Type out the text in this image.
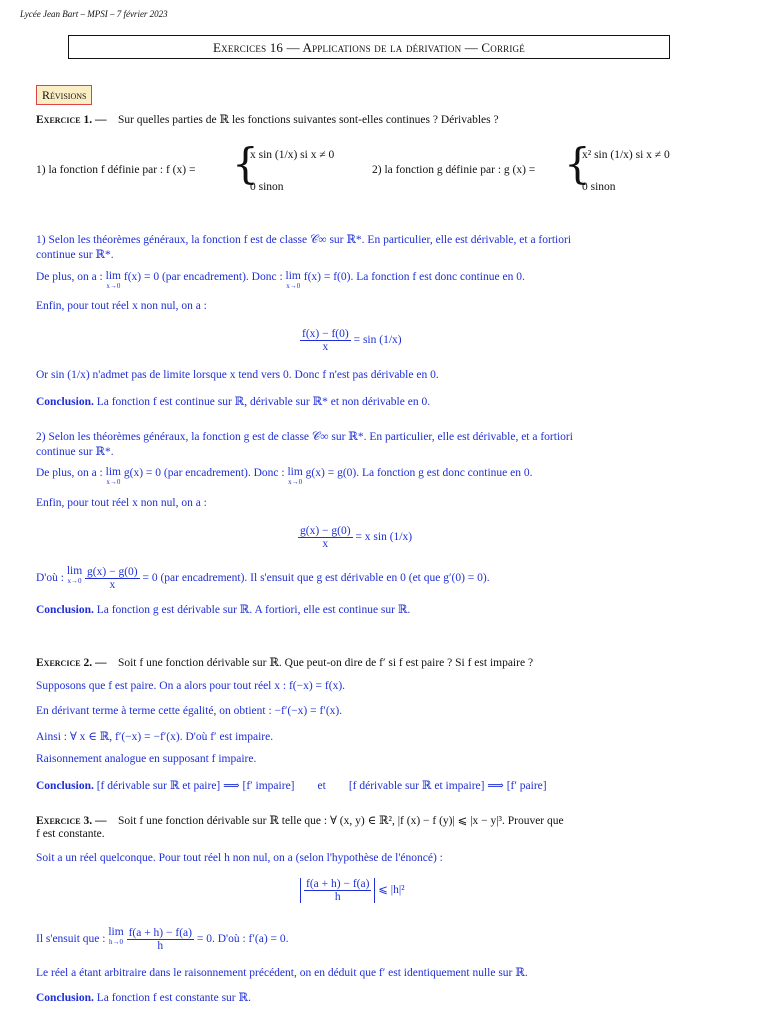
Lycée Jean Bart – MPSI – 7 février 2023
Exercices 16 — Applications de la dérivation — Corrigé
Révisions
Exercice 1. — Sur quelles parties de ℝ les fonctions suivantes sont-elles continues ? Dérivables ?
1) la fonction f définie par : f (x) = {
x sin (1/x) si x ≠ 0
0 sinon
2) la fonction g définie par : g (x) = {
x² sin (1/x) si x ≠ 0
0 sinon
1) Selon les théorèmes généraux, la fonction f est de classe 𝒞∞ sur ℝ*. En particulier, elle est dérivable, et a fortiori
continue sur ℝ*.
De plus, on a : lim
x→0
f(x) = 0 (par encadrement). Donc : lim
x→0
f(x) = f(0). La fonction f est donc continue en 0.
Enfin, pour tout réel x non nul, on a :
$\frac{f(x) - f(0)}{x} = \sin (1/x)$
Or sin (1/x) n'admet pas de limite lorsque x tend vers 0. Donc f n'est pas dérivable en 0.
Conclusion. La fonction f est continue sur ℝ, dérivable sur ℝ* et non dérivable en 0.
2) Selon les théorèmes généraux, la fonction g est de classe 𝒞∞ sur ℝ*. En particulier, elle est dérivable, et a fortiori
continue sur ℝ*.
De plus, on a : lim
x→0
g(x) = 0 (par encadrement). Donc : lim
x→0
g(x) = g(0). La fonction g est donc continue en 0.
Enfin, pour tout réel x non nul, on a :
$\frac{g(x) - g(0)}{x} = x$ sin (1/x)
D'où : lim
x→0
$\frac{g(x) - g(0)}{x} = 0$ (par encadrement). Il s'ensuit que g est dérivable en 0 (et que g′(0) = 0).
Conclusion. La fonction g est dérivable sur ℝ. A fortiori, elle est continue sur ℝ.
Exercice 2. — Soit f une fonction dérivable sur ℝ. Que peut-on dire de f′ si f est paire ? Si f est impaire ?
Supposons que f est paire. On a alors pour tout réel x : f(−x) = f(x).
En dérivant terme à terme cette égalité, on obtient : −f′(−x) = f′(x).
Ainsi : ∀ x ∈ ℝ, f′(−x) = −f′(x). D'où f′ est impaire.
Raisonnement analogue en supposant f impaire.
Conclusion. [f dérivable sur ℝ et paire] ⟹ [f′ impaire] et [f dérivable sur ℝ et impaire] ⟹ [f′ paire]
Exercice 3. — Soit f une fonction dérivable sur ℝ telle que : ∀ (x, y) ∈ ℝ², |f (x) − f (y)| ⩽ |x − y|³. Prouver que
f est constante.
Soit a un réel quelconque. Pour tout réel h non nul, on a (selon l'hypothèse de l'énoncé) :
$\frac{f(a + h) - f(a)}{h}$ ⩽ |h|²
Il s'ensuit que : lim
h→0
$\frac{f(a + h) - f(a)}{h} = 0$. D'où : f′(a) = 0.
Le réel a étant arbitraire dans le raisonnement précédent, on en déduit que f′ est identiquement nulle sur ℝ.
Conclusion. La fonction f est constante sur ℝ.
